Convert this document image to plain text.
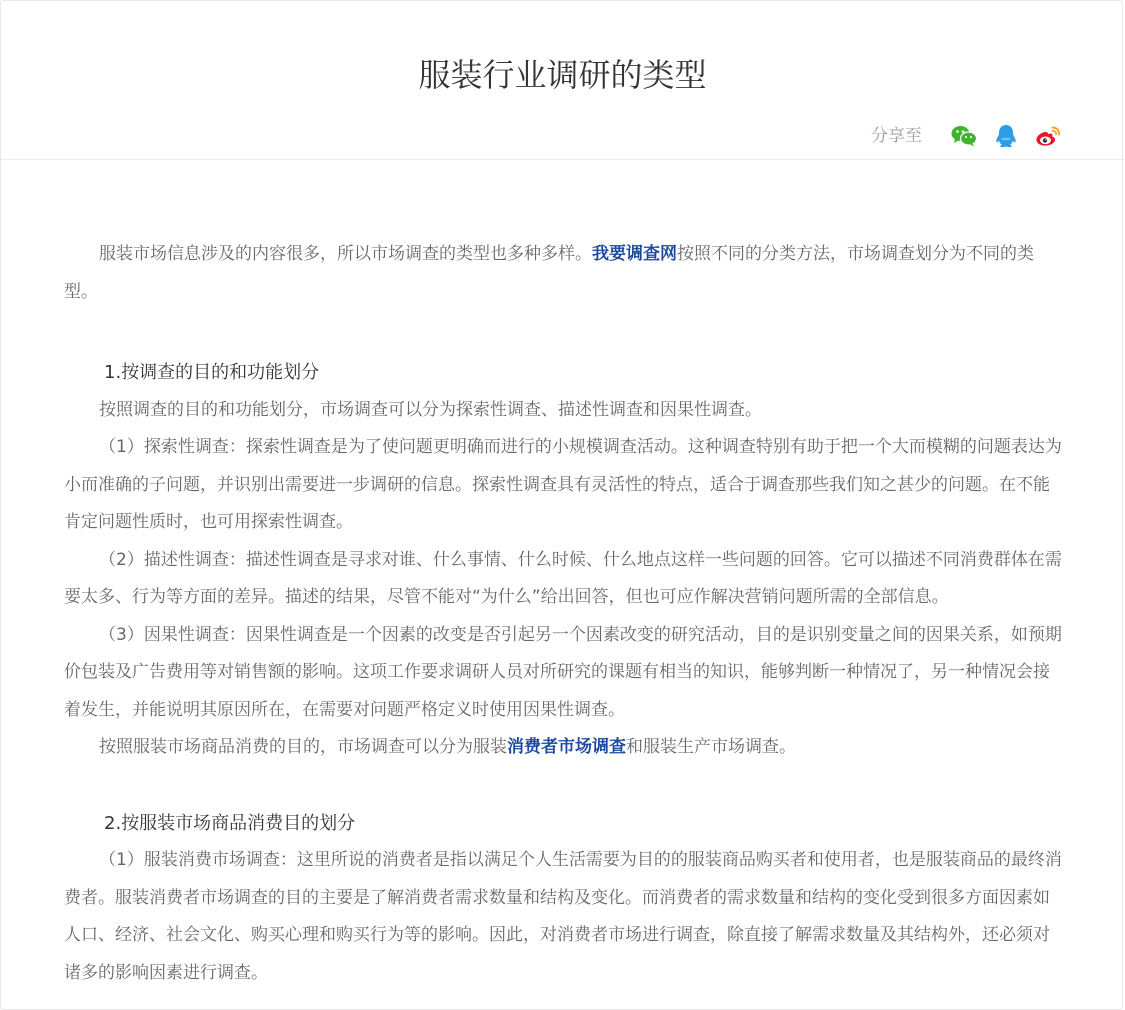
服装行业调研的类型
分享至

服装市场信息涉及的内容很多，所以市场调查的类型也多种多样。我要调查网按照不同的分类方法，市场调查划分为不同的类型。

1.按调查的目的和功能划分

按照调查的目的和功能划分，市场调查可以分为探索性调查、描述性调查和因果性调查。

（1）探索性调查：探索性调查是为了使问题更明确而进行的小规模调查活动。这种调查特别有助于把一个大而模糊的问题表达为小而准确的子问题，并识别出需要进一步调研的信息。探索性调查具有灵活性的特点，适合于调查那些我们知之甚少的问题。在不能肯定问题性质时，也可用探索性调查。

（2）描述性调查：描述性调查是寻求对谁、什么事情、什么时候、什么地点这样一些问题的回答。它可以描述不同消费群体在需要太多、行为等方面的差异。描述的结果，尽管不能对“为什么”给出回答，但也可应作解决营销问题所需的全部信息。

（3）因果性调查：因果性调查是一个因素的改变是否引起另一个因素改变的研究活动，目的是识别变量之间的因果关系，如预期价包装及广告费用等对销售额的影响。这项工作要求调研人员对所研究的课题有相当的知识，能够判断一种情况了，另一种情况会接着发生，并能说明其原因所在，在需要对问题严格定义时使用因果性调查。

按照服装市场商品消费的目的，市场调查可以分为服装消费者市场调查和服装生产市场调查。

2.按服装市场商品消费目的划分

（1）服装消费市场调查：这里所说的消费者是指以满足个人生活需要为目的的服装商品购买者和使用者，也是服装商品的最终消费者。服装消费者市场调查的目的主要是了解消费者需求数量和结构及变化。而消费者的需求数量和结构的变化受到很多方面因素如人口、经济、社会文化、购买心理和购买行为等的影响。因此，对消费者市场进行调查，除直接了解需求数量及其结构外，还必须对诸多的影响因素进行调查。
